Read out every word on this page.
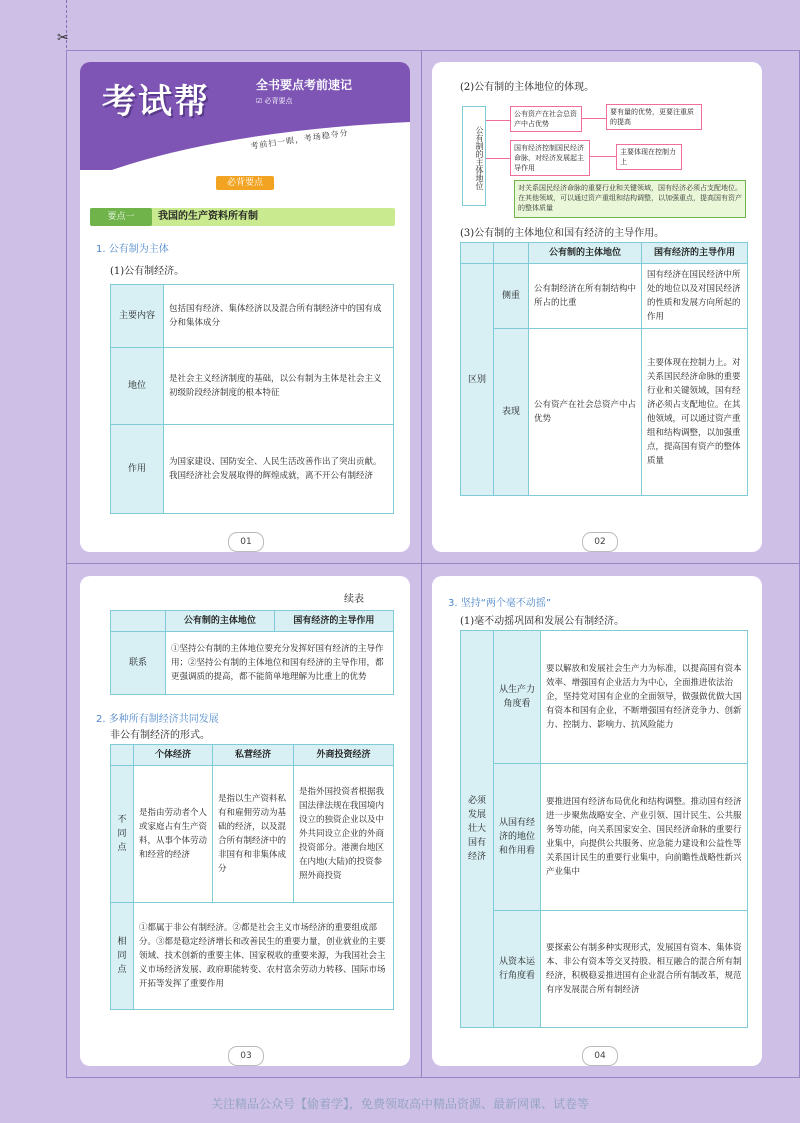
✂
考试帮	全书要点考前速记
☑ 必背要点
考前扫一眼，考场稳夺分
必背要点
要点一	我国的生产资料所有制
1. 公有制为主体
(1)公有制经济。
主要内容	包括国有经济、集体经济以及混合所有制经济中的国有成分和集体成分
地位	是社会主义经济制度的基础，以公有制为主体是社会主义初级阶段经济制度的根本特征
作用	为国家建设、国防安全、人民生活改善作出了突出贡献。我国经济社会发展取得的辉煌成就，离不开公有制经济
01
(2)公有制的主体地位的体现。
公有制的主体地位
公有资产在社会总资产中占优势
要有量的优势，更要注重质的提高
国有经济控制国民经济命脉，对经济发展起主导作用
主要体现在控制力上
对关系国民经济命脉的重要行业和关键领域，国有经济必须占支配地位。在其他领域，可以通过资产重组和结构调整，以加强重点，提高国有资产的整体质量
(3)公有制的主体地位和国有经济的主导作用。
		公有制的主体地位	国有经济的主导作用
区别	侧重	公有制经济在所有制结构中所占的比重	国有经济在国民经济中所处的地位以及对国民经济的性质和发展方向所起的作用
	表现	公有资产在社会总资产中占优势	主要体现在控制力上。对关系国民经济命脉的重要行业和关键领域，国有经济必须占支配地位。在其他领域，可以通过资产重组和结构调整，以加强重点，提高国有资产的整体质量
02
续表
	公有制的主体地位	国有经济的主导作用
联系	①坚持公有制的主体地位要充分发挥好国有经济的主导作用；②坚持公有制的主体地位和国有经济的主导作用，都更强调质的提高，都不能简单地理解为比重上的优势	
2. 多种所有制经济共同发展
非公有制经济的形式。
	个体经济	私营经济	外商投资经济
不同点	是指由劳动者个人或家庭占有生产资料，从事个体劳动和经营的经济	是指以生产资料私有和雇佣劳动为基础的经济，以及混合所有制经济中的非国有和非集体成分	是指外国投资者根据我国法律法规在我国境内设立的独资企业以及中外共同设立企业的外商投资部分。港澳台地区在内地(大陆)的投资参照外商投资
相同点	①都属于非公有制经济。②都是社会主义市场经济的重要组成部分。③都是稳定经济增长和改善民生的重要力量，创业就业的主要领域、技术创新的重要主体、国家税收的重要来源，为我国社会主义市场经济发展、政府职能转变、农村富余劳动力转移、国际市场开拓等发挥了重要作用		
03
3. 坚持“两个毫不动摇”
(1)毫不动摇巩固和发展公有制经济。
必须发展壮大国有经济	从生产力角度看	要以解放和发展社会生产力为标准，以提高国有资本效率、增强国有企业活力为中心，全面推进依法治企，坚持党对国有企业的全面领导，做强做优做大国有资本和国有企业，不断增强国有经济竞争力、创新力、控制力、影响力、抗风险能力
	从国有经济的地位和作用看	要推进国有经济布局优化和结构调整。推动国有经济进一步聚焦战略安全、产业引领、国计民生、公共服务等功能，向关系国家安全、国民经济命脉的重要行业集中，向提供公共服务、应急能力建设和公益性等关系国计民生的重要行业集中，向前瞻性战略性新兴产业集中
	从资本运行角度看	要探索公有制多种实现形式，发展国有资本、集体资本、非公有资本等交叉持股、相互融合的混合所有制经济，积极稳妥推进国有企业混合所有制改革，规范有序发展混合所有制经济
04
关注精品公众号【偷着学】，免费领取高中精品资源、最新网课、试卷等
